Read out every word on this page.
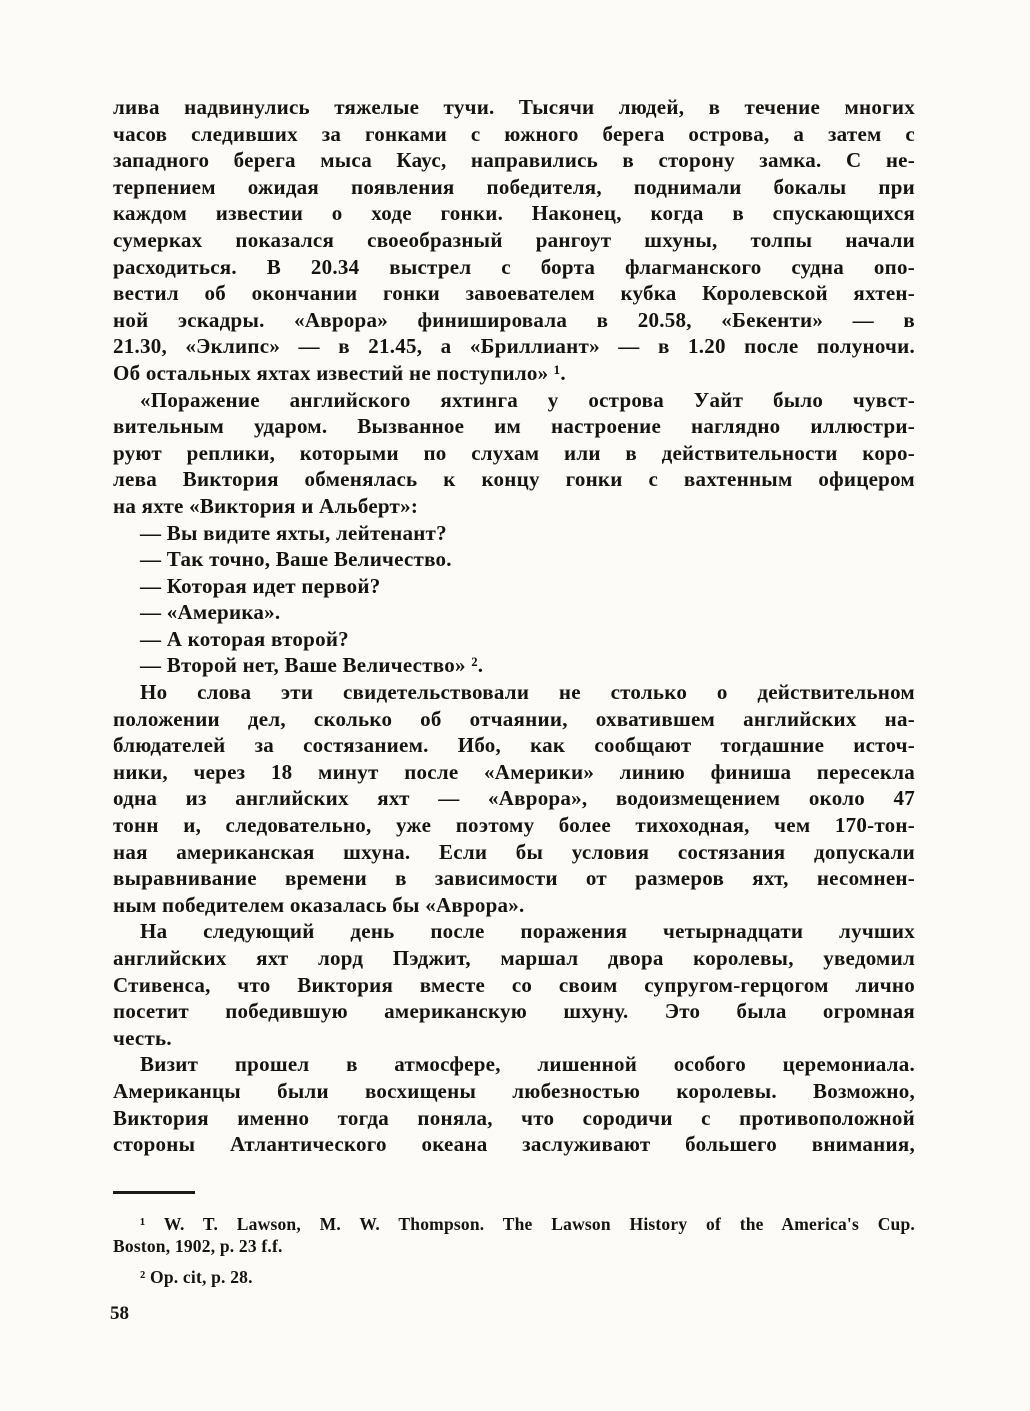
лива надвинулись тяжелые тучи. Тысячи людей, в течение многих
часов следивших за гонками с южного берега острова, а затем с
западного берега мыса Каус, направились в сторону замка. С не-
терпением ожидая появления победителя, поднимали бокалы при
каждом известии о ходе гонки. Наконец, когда в спускающихся
сумерках показался своеобразный рангоут шхуны, толпы начали
расходиться. В 20.34 выстрел с борта флагманского судна опо-
вестил об окончании гонки завоевателем кубка Королевской яхтен-
ной эскадры. «Аврора» финишировала в 20.58, «Бекенти» — в
21.30, «Эклипс» — в 21.45, а «Бриллиант» — в 1.20 после полуночи.
Об остальных яхтах известий не поступило» ¹.
«Поражение английского яхтинга у острова Уайт было чувст-
вительным ударом. Вызванное им настроение наглядно иллюстри-
руют реплики, которыми по слухам или в действительности коро-
лева Виктория обменялась к концу гонки с вахтенным офицером
на яхте «Виктория и Альберт»:
— Вы видите яхты, лейтенант?
— Так точно, Ваше Величество.
— Которая идет первой?
— «Америка».
— А которая второй?
— Второй нет, Ваше Величество» ².
Но слова эти свидетельствовали не столько о действительном
положении дел, сколько об отчаянии, охватившем английских на-
блюдателей за состязанием. Ибо, как сообщают тогдашние источ-
ники, через 18 минут после «Америки» линию финиша пересекла
одна из английских яхт — «Аврора», водоизмещением около 47
тонн и, следовательно, уже поэтому более тихоходная, чем 170-тон-
ная американская шхуна. Если бы условия состязания допускали
выравнивание времени в зависимости от размеров яхт, несомнен-
ным победителем оказалась бы «Аврора».
На следующий день после поражения четырнадцати лучших
английских яхт лорд Пэджит, маршал двора королевы, уведомил
Стивенса, что Виктория вместе со своим супругом-герцогом лично
посетит победившую американскую шхуну. Это была огромная
честь.
Визит прошел в атмосфере, лишенной особого церемониала.
Американцы были восхищены любезностью королевы. Возможно,
Виктория именно тогда поняла, что сородичи с противоположной
стороны Атлантического океана заслуживают большего внимания,
¹ W. T. Lawson, M. W. Thompson. The Lawson History of the America's Cup.
Boston, 1902, p. 23 f.f.
² Op. cit, p. 28.
58
